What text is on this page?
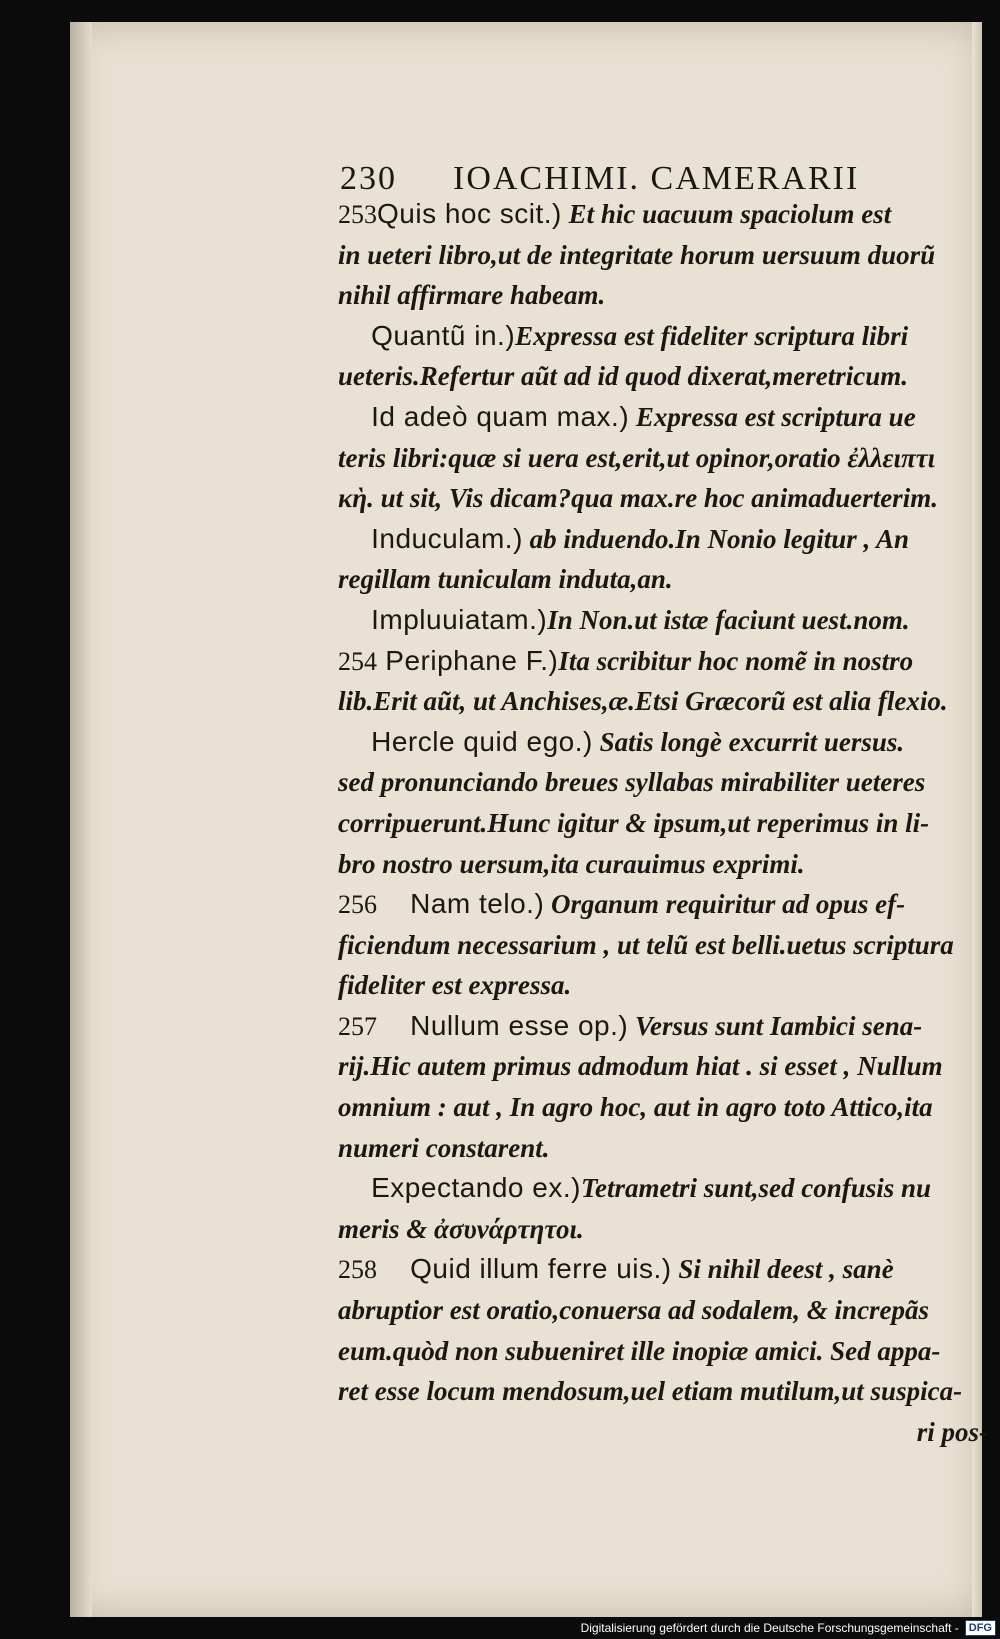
230 IOACHIMI. CAMERARII
253Quis hoc scit.) Et hic uacuum spaciolum est
in ueteri libro,ut de integritate horum uersuum duorũ
nihil affirmare habeam.
Quantũ in.)Expressa est fideliter scriptura libri
ueteris.Refertur aũt ad id quod dixerat,meretricum.
Id adeò quam max.) Expressa est scriptura ue
teris libri:quæ si uera est,erit,ut opinor,oratio ἐλλειπτι
κὴ. ut sit, Vis dicam?qua max.re hoc animaduerterim.
Induculam.) ab induendo.In Nonio legitur , An
regillam tuniculam induta,an.
Impluuiatam.)In Non.ut istæ faciunt uest.nom.
254 Periphane F.)Ita scribitur hoc nomẽ in nostro
lib.Erit aũt, ut Anchises,æ.Etsi Græcorũ est alia flexio.
Hercle quid ego.) Satis longè excurrit uersus.
sed pronunciando breues syllabas mirabiliter ueteres
corripuerunt.Hunc igitur & ipsum,ut reperimus in li-
bro nostro uersum,ita curauimus exprimi.
256    Nam telo.) Organum requiritur ad opus ef-
ficiendum necessarium , ut telũ est belli.uetus scriptura
fideliter est expressa.
257    Nullum esse op.) Versus sunt Iambici sena-
rij.Hic autem primus admodum hiat . si esset , Nullum
omnium : aut , In agro hoc, aut in agro toto Attico,ita
numeri constarent.
Expectando ex.)Tetrametri sunt,sed confusis nu
meris & ἀσυνάρτητοι.
258    Quid illum ferre uis.) Si nihil deest , sanè
abruptior est oratio,conuersa ad sodalem, & increpãs
eum.quòd non subueniret ille inopiæ amici. Sed appa-
ret esse locum mendosum,uel etiam mutilum,ut suspica-
ri pos-
Digitalisierung gefördert durch die Deutsche Forschungsgemeinschaft - DFG
